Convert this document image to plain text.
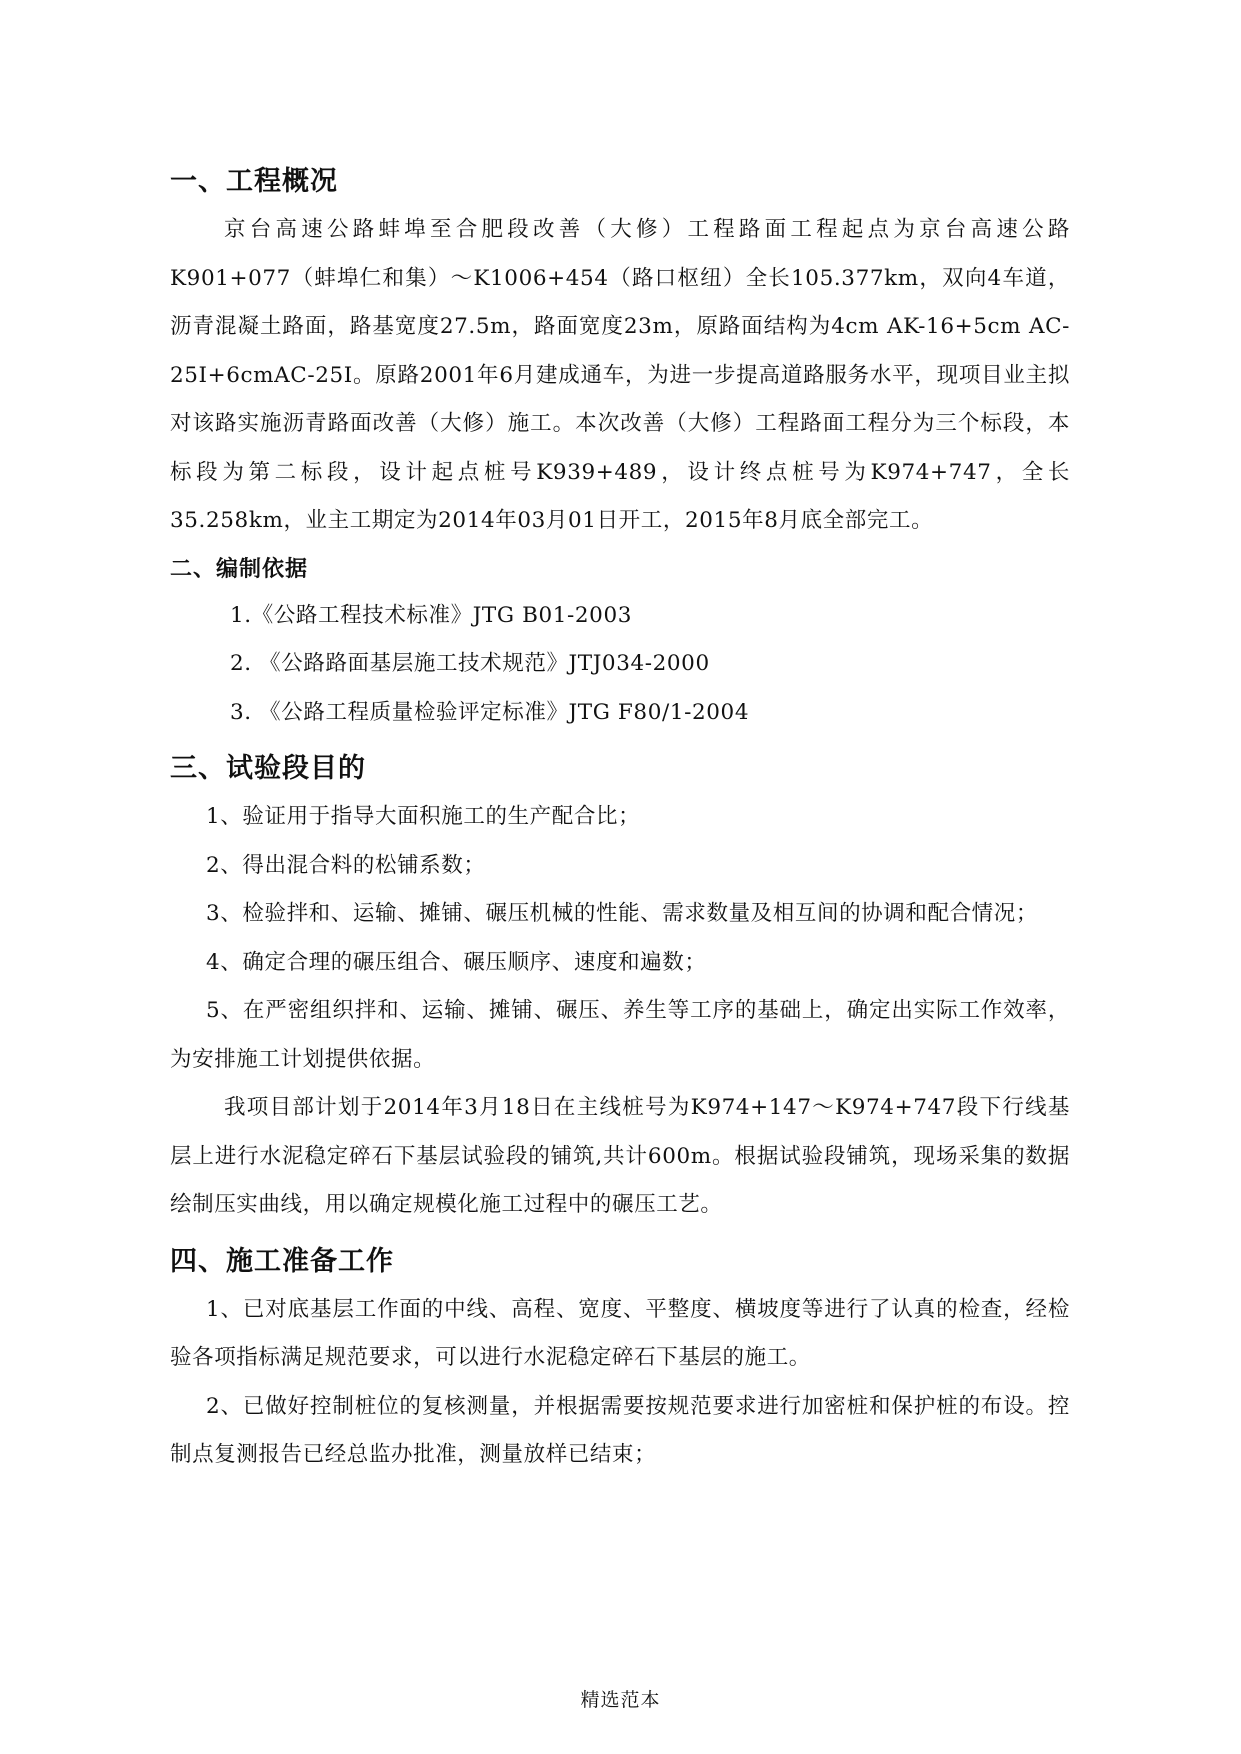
一、工程概况

京台高速公路蚌埠至合肥段改善（大修）工程路面工程起点为京台高速公路K901+077（蚌埠仁和集）～K1006+454（路口枢纽）全长105.377km，双向4车道，沥青混凝土路面，路基宽度27.5m，路面宽度23m，原路面结构为4cm AK-16+5cm AC-25I+6cmAC-25I。原路2001年6月建成通车，为进一步提高道路服务水平，现项目业主拟对该路实施沥青路面改善（大修）施工。本次改善（大修）工程路面工程分为三个标段，本标段为第二标段，设计起点桩号K939+489，设计终点桩号为K974+747，全长35.258km，业主工期定为2014年03月01日开工，2015年8月底全部完工。

二、编制依据

1.《公路工程技术标准》JTG B01-2003

2. 《公路路面基层施工技术规范》JTJ034-2000

3. 《公路工程质量检验评定标准》JTG F80/1-2004

三、试验段目的

1、验证用于指导大面积施工的生产配合比；

2、得出混合料的松铺系数；

3、检验拌和、运输、摊铺、碾压机械的性能、需求数量及相互间的协调和配合情况；

4、确定合理的碾压组合、碾压顺序、速度和遍数；

5、在严密组织拌和、运输、摊铺、碾压、养生等工序的基础上，确定出实际工作效率，为安排施工计划提供依据。

我项目部计划于2014年3月18日在主线桩号为K974+147～K974+747段下行线基层上进行水泥稳定碎石下基层试验段的铺筑,共计600m。根据试验段铺筑，现场采集的数据绘制压实曲线，用以确定规模化施工过程中的碾压工艺。

四、施工准备工作

1、已对底基层工作面的中线、高程、宽度、平整度、横坡度等进行了认真的检查，经检验各项指标满足规范要求，可以进行水泥稳定碎石下基层的施工。

2、已做好控制桩位的复核测量，并根据需要按规范要求进行加密桩和保护桩的布设。控制点复测报告已经总监办批准，测量放样已结束；

精选范本
